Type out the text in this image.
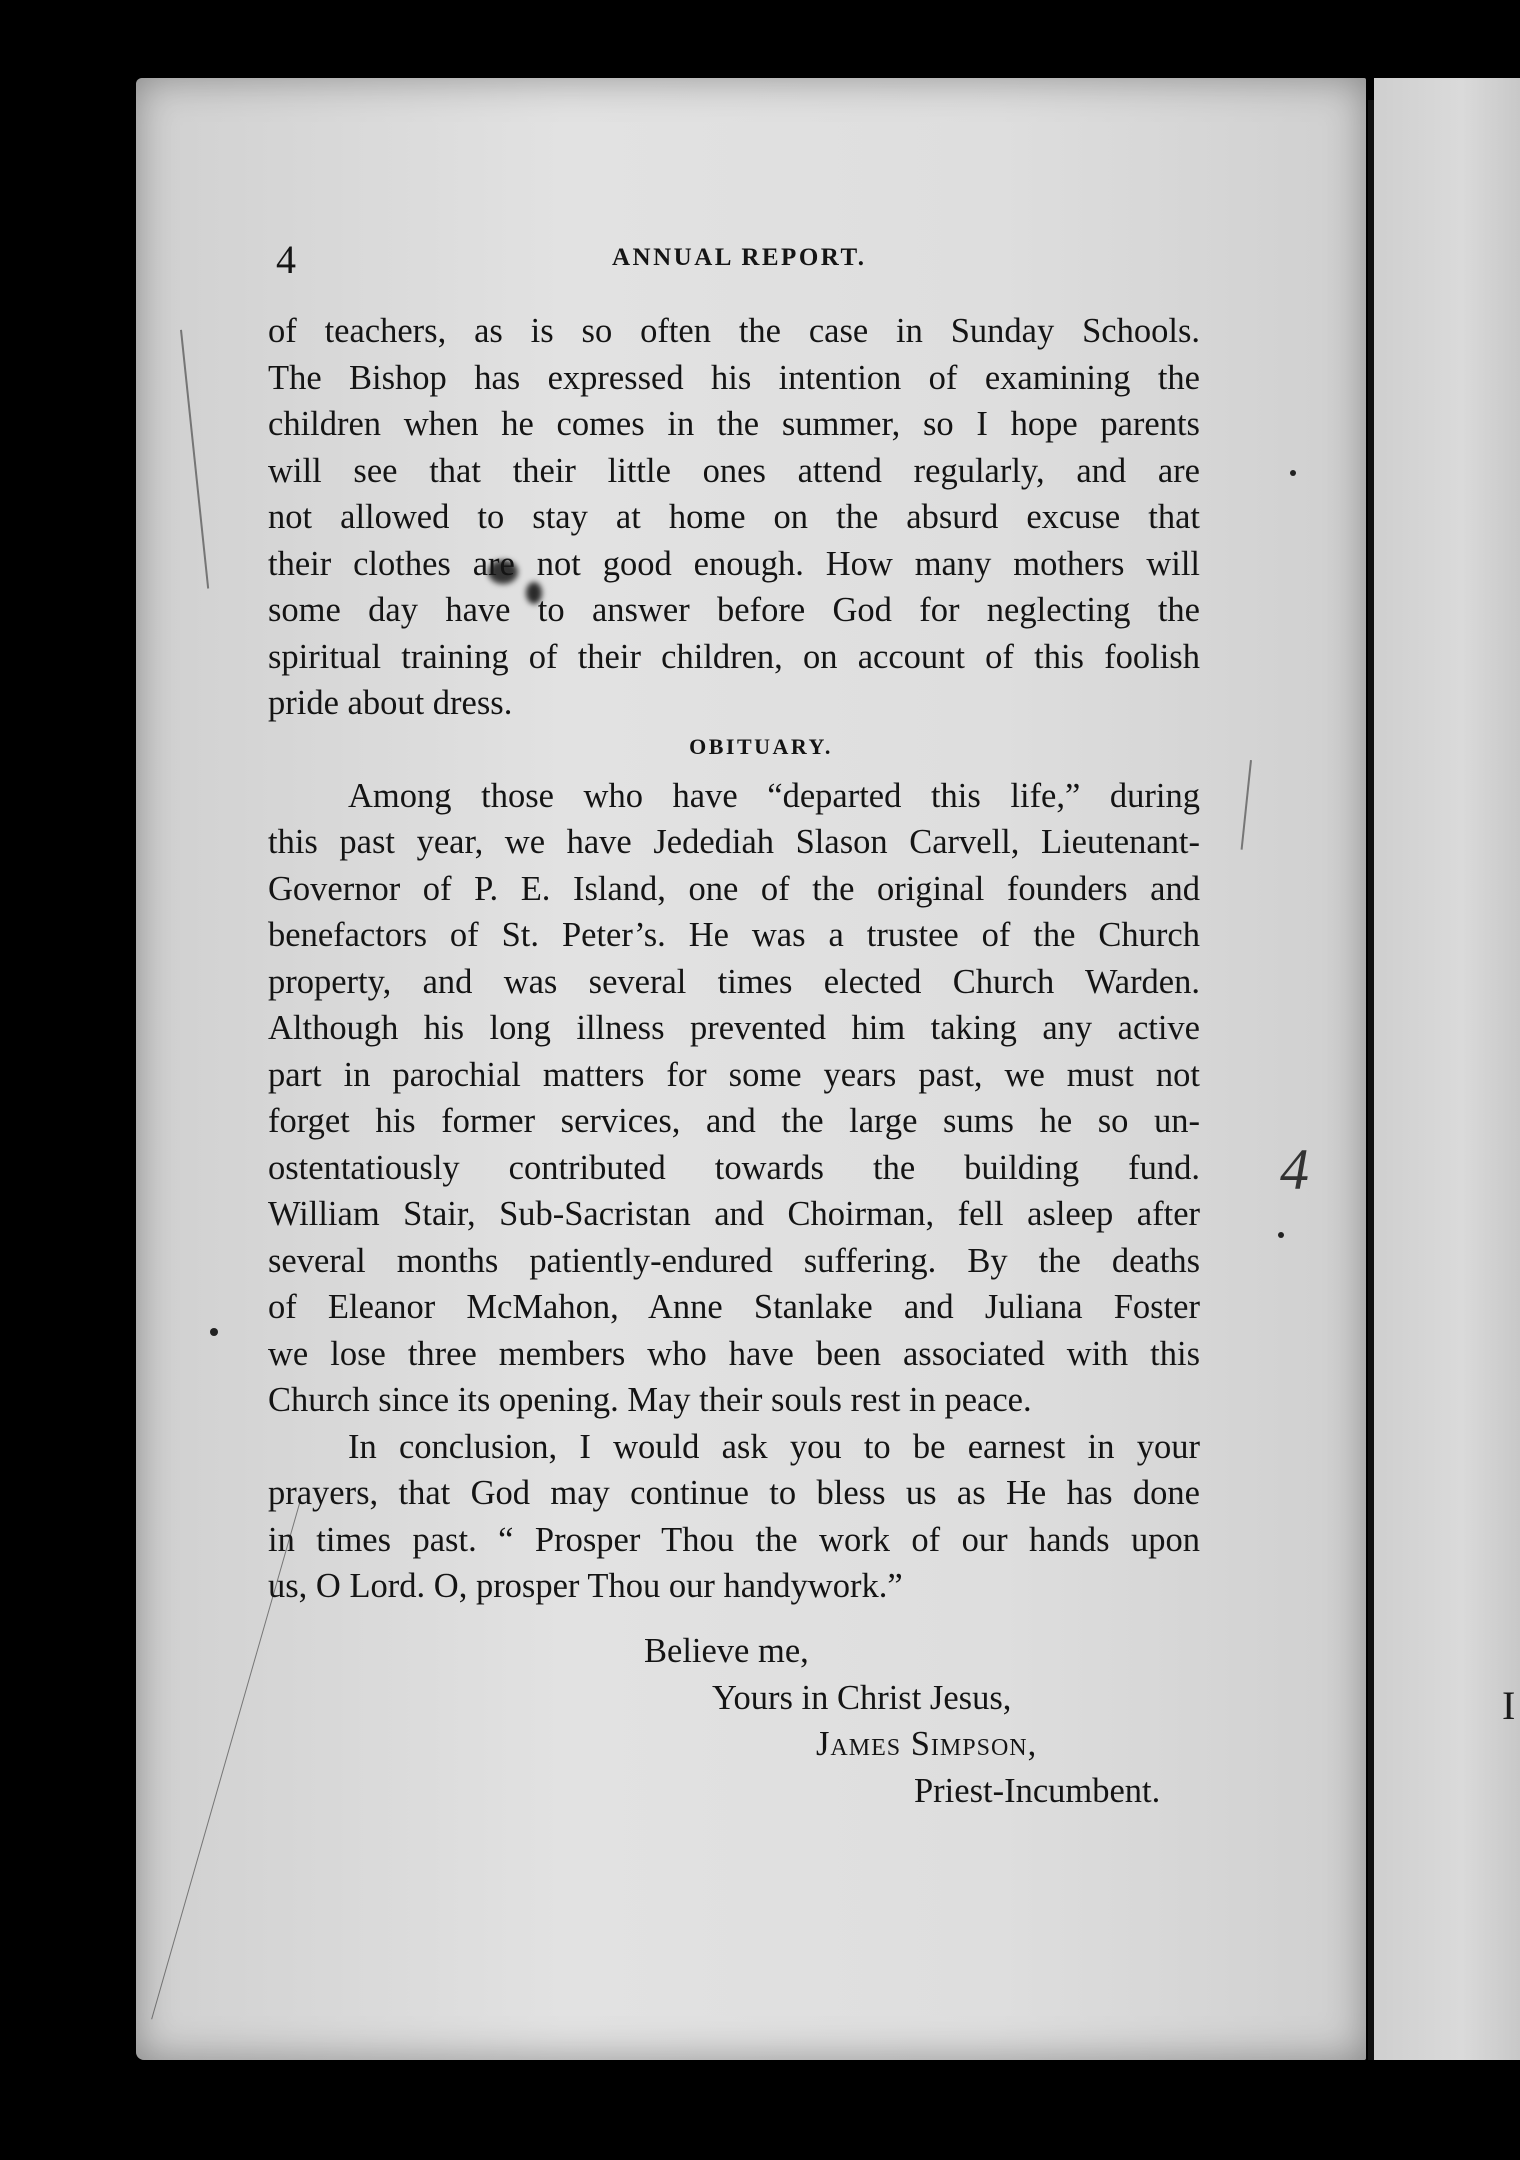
I
4
4	ANNUAL REPORT.
of teachers, as is so often the case in Sunday Schools.
The Bishop has expressed his intention of examining the
children when he comes in the summer, so I hope parents
will see that their little ones attend regularly, and are
not allowed to stay at home on the absurd excuse that
their clothes are not good enough. How many mothers will
some day have to answer before God for neglecting the
spiritual training of their children, on account of this foolish
pride about dress.
OBITUARY.
Among those who have “departed this life,” during
this past year, we have Jedediah Slason Carvell, Lieutenant-
Governor of P. E. Island, one of the original founders and
benefactors of St. Peter’s. He was a trustee of the Church
property, and was several times elected Church Warden.
Although his long illness prevented him taking any active
part in parochial matters for some years past, we must not
forget his former services, and the large sums he so un-
ostentatiously contributed towards the building fund.
William Stair, Sub-Sacristan and Choirman, fell asleep after
several months patiently-endured suffering. By the deaths
of Eleanor McMahon, Anne Stanlake and Juliana Foster
we lose three members who have been associated with this
Church since its opening. May their souls rest in peace.
In conclusion, I would ask you to be earnest in your
prayers, that God may continue to bless us as He has done
in times past. “ Prosper Thou the work of our hands upon
us, O Lord. O, prosper Thou our handywork.”
Believe me,
Yours in Christ Jesus,
James Simpson,
Priest-Incumbent.
